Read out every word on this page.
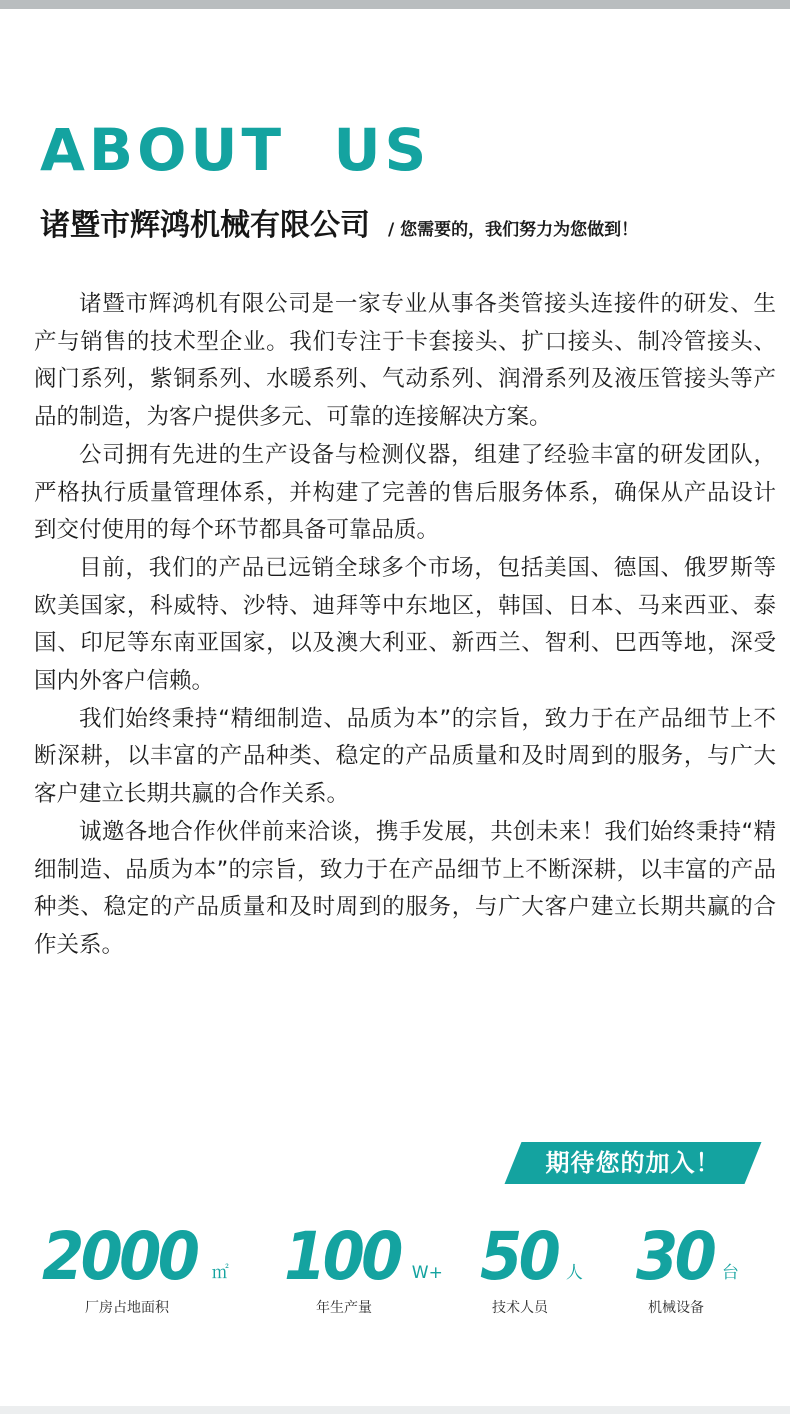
ABOUT  US
诸暨市辉鸿机械有限公司 / 您需要的，我们努力为您做到！

诸暨市辉鸿机有限公司是一家专业从事各类管接头连接件的研发、生产与销售的技术型企业。我们专注于卡套接头、扩口接头、制冷管接头、阀门系列，紫铜系列、水暖系列、气动系列、润滑系列及液压管接头等产品的制造，为客户提供多元、可靠的连接解决方案。

公司拥有先进的生产设备与检测仪器，组建了经验丰富的研发团队，严格执行质量管理体系，并构建了完善的售后服务体系，确保从产品设计到交付使用的每个环节都具备可靠品质。

目前，我们的产品已远销全球多个市场，包括美国、德国、俄罗斯等欧美国家，科威特、沙特、迪拜等中东地区，韩国、日本、马来西亚、泰国、印尼等东南亚国家，以及澳大利亚、新西兰、智利、巴西等地，深受国内外客户信赖。

我们始终秉持“精细制造、品质为本”的宗旨，致力于在产品细节上不断深耕，以丰富的产品种类、稳定的产品质量和及时周到的服务，与广大客户建立长期共赢的合作关系。

诚邀各地合作伙伴前来洽谈，携手发展，共创未来！我们始终秉持“精细制造、品质为本”的宗旨，致力于在产品细节上不断深耕，以丰富的产品种类、稳定的产品质量和及时周到的服务，与广大客户建立长期共赢的合作关系。

期待您的加入！
2000 ㎡
厂房占地面积
100 W+
年生产量
50 人
技术人员
30 台
机械设备
